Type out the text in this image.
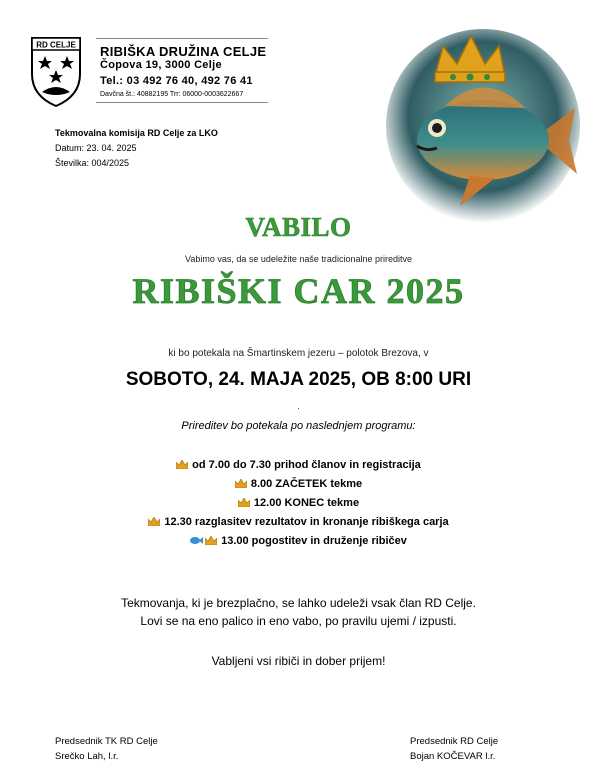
RD CELJE RIBIŠKA DRUŽINA CELJE
Čopova 19, 3000 Celje
Tel.: 03 492 76 40, 492 76 41
Davčna št.: 40882195 Trr: 06000-0003622667
Tekmovalna komisija RD Celje za LKO
Datum: 23. 04. 2025
Številka: 004/2025
VABILO
Vabimo vas, da se udeležite naše tradicionalne prireditve
RIBIŠKI CAR 2025
ki bo potekala na Šmartinskem jezeru – polotok Brezova, v
SOBOTO, 24. MAJA 2025, OB 8:00 URI
.
Prireditev bo potekala po naslednjem programu:
od 7.00 do 7.30 prihod članov in registracija
8.00 ZAČETEK tekme
12.00 KONEC tekme
12.30 razglasitev rezultatov in kronanje ribiškega carja
13.00 pogostitev in druženje ribičev
Tekmovanja, ki je brezplačno, se lahko udeleži vsak član RD Celje.
Lovi se na eno palico in eno vabo, po pravilu ujemi / izpusti.
Vabljeni vsi ribiči in dober prijem!
Predsednik TK RD Celje
Srečko Lah, l.r.
Predsednik RD Celje
Bojan KOČEVAR l.r.
